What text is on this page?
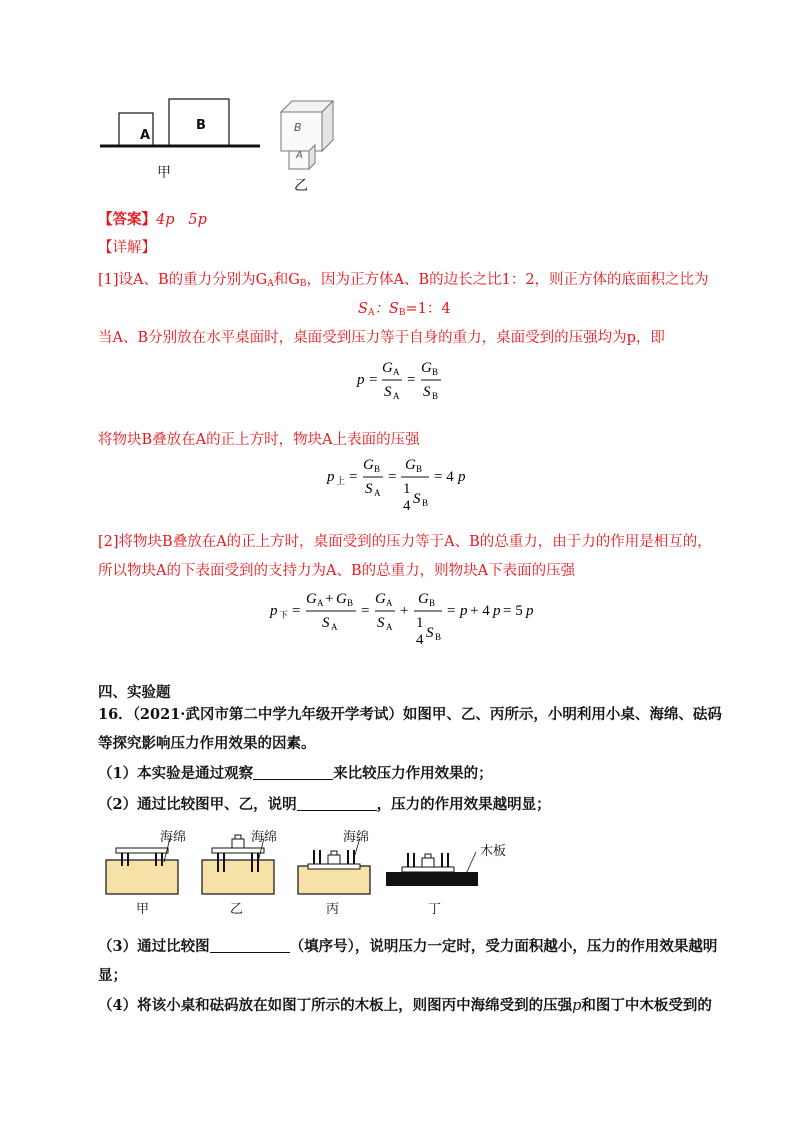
A
B	B
A
甲
乙
【答案】4p 5p
【详解】
[1]设A、B的重力分别为$G_A$和$G_B$，因为正方体A、B的边长之比1：2，则正方体的底面积之比为
$S_A$：$S_B=1$：4
当A、B分别放在水平桌面时，桌面受到压力等于自身的重力，桌面受到的压强均为p，即
p =
G A
S A
=
G B
S B
将物块B叠放在A的正上方时，物块A上表面的压强
p 上 =
G B
S A
=
G B
1
4 S B
= 4 p
[2]将物块B叠放在A的正上方时，桌面受到的压力等于A、B的总重力，由于力的作用是相互的，
所以物块A的下表面受到的支持力为A、B的总重力，则物块A下表面的压强
p 下 =
G A + G B
S A
=
G A
S A
+
G B
1
4 S B
= p + 4 p = 5 p
四、实验题
16．（2021·武冈市第二中学九年级开学考试）如图甲、乙、丙所示，小明利用小桌、海绵、砝码
等探究影响压力作用效果的因素。
（1）本实验是通过观察	来比较压力作用效果的；
（2）通过比较图甲、乙，说明	，压力的作用效果越明显；
海绵	海绵	海绵
木板
甲	乙	丙	丁
（3）通过比较图	（填序号），说明压力一定时，受力面积越小，压力的作用效果越明
显；
（4）将该小桌和砝码放在如图丁所示的木板上，则图丙中海绵受到的压强p和图丁中木板受到的
